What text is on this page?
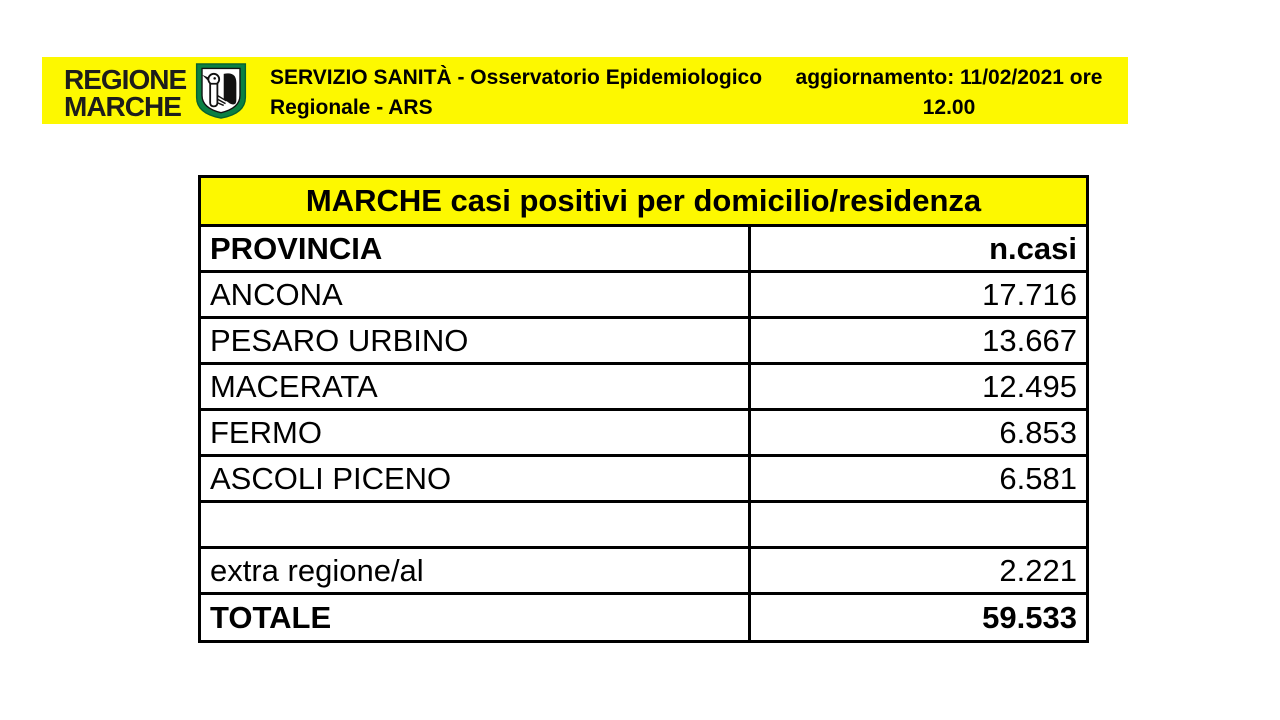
REGIONE
MARCHE
SERVIZIO SANITÀ - Osservatorio Epidemiologico
Regionale - ARS
aggiornamento: 11/02/2021 ore
12.00
MARCHE casi positivi per domicilio/residenza
PROVINCIA	n.casi
ANCONA	17.716
PESARO URBINO	13.667
MACERATA	12.495
FERMO	6.853
ASCOLI PICENO	6.581
extra regione/al	2.221
TOTALE	59.533
